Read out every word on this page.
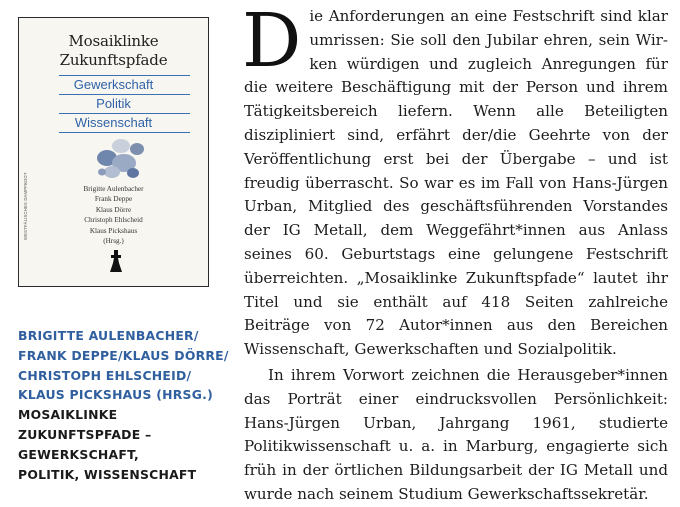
Mosaiklinke
Zukunftspfade
Gewerkschaft
Politik
Wissenschaft
Brigitte Aulenbacher
Frank Deppe
Klaus Dörre
Christoph Ehlscheid
Klaus Pickshaus
(Hrsg.)
WESTFÄLISCHES DAMPFBOOT
BRIGITTE AULENBACHER/
FRANK DEPPE/KLAUS DÖRRE/
CHRISTOPH EHLSCHEID/
KLAUS PICKSHAUS (HRSG.)
MOSAIKLINKE
ZUKUNFTSPFADE –
GEWERKSCHAFT,
POLITIK, WISSENSCHAFT

Die Anforderungen an eine Festschrift sind klar umrissen: Sie soll den Jubilar ehren, sein Wirken würdigen und zugleich Anregungen für die weitere Beschäftigung mit der Person und ihrem Tätigkeitsbereich liefern. Wenn alle Beteiligten diszipliniert sind, erfährt der/die Geehrte von der Veröffentlichung erst bei der Übergabe – und ist freudig überrascht. So war es im Fall von Hans-Jürgen Urban, Mitglied des geschäftsführenden Vorstandes der IG Metall, dem Weggefährt*innen aus Anlass seines 60. Geburtstags eine gelungene Festschrift überreichten. „Mosaiklinke Zukunftspfade“ lautet ihr Titel und sie enthält auf 418 Seiten zahlreiche Beiträge von 72 Autor*innen aus den Bereichen Wissenschaft, Gewerkschaften und Sozialpolitik.

In ihrem Vorwort zeichnen die Herausgeber*innen das Porträt einer eindrucksvollen Persönlichkeit: Hans-Jürgen Urban, Jahrgang 1961, studierte Politikwissenschaft u. a. in Marburg, engagierte sich früh in der örtlichen Bildungsarbeit der IG Metall und wurde nach seinem Studium Gewerkschaftssekretär.
